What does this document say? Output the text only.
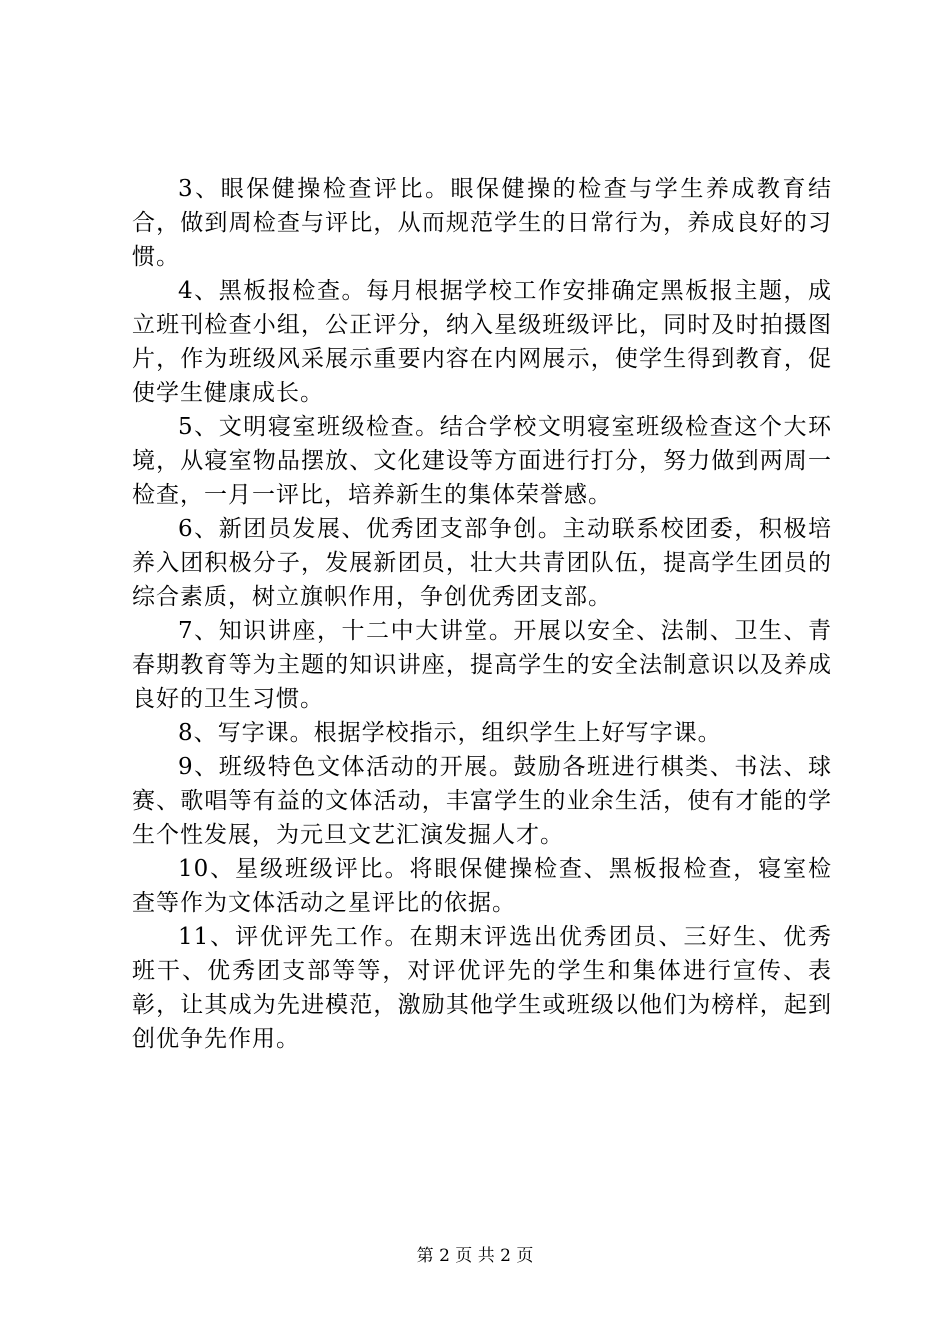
3、眼保健操检查评比。眼保健操的检查与学生养成教育结合，做到周检查与评比，从而规范学生的日常行为，养成良好的习惯。

4、黑板报检查。每月根据学校工作安排确定黑板报主题，成立班刊检查小组，公正评分，纳入星级班级评比，同时及时拍摄图片，作为班级风采展示重要内容在内网展示，使学生得到教育，促使学生健康成长。

5、文明寝室班级检查。结合学校文明寝室班级检查这个大环境，从寝室物品摆放、文化建设等方面进行打分，努力做到两周一检查，一月一评比，培养新生的集体荣誉感。

6、新团员发展、优秀团支部争创。主动联系校团委，积极培养入团积极分子，发展新团员，壮大共青团队伍，提高学生团员的综合素质，树立旗帜作用，争创优秀团支部。

7、知识讲座，十二中大讲堂。开展以安全、法制、卫生、青春期教育等为主题的知识讲座，提高学生的安全法制意识以及养成良好的卫生习惯。

8、写字课。根据学校指示，组织学生上好写字课。

9、班级特色文体活动的开展。鼓励各班进行棋类、书法、球赛、歌唱等有益的文体活动，丰富学生的业余生活，使有才能的学生个性发展，为元旦文艺汇演发掘人才。

10、星级班级评比。将眼保健操检查、黑板报检查，寝室检查等作为文体活动之星评比的依据。

11、评优评先工作。在期末评选出优秀团员、三好生、优秀班干、优秀团支部等等，对评优评先的学生和集体进行宣传、表彰，让其成为先进模范，激励其他学生或班级以他们为榜样，起到创优争先作用。

第 2 页 共 2 页
